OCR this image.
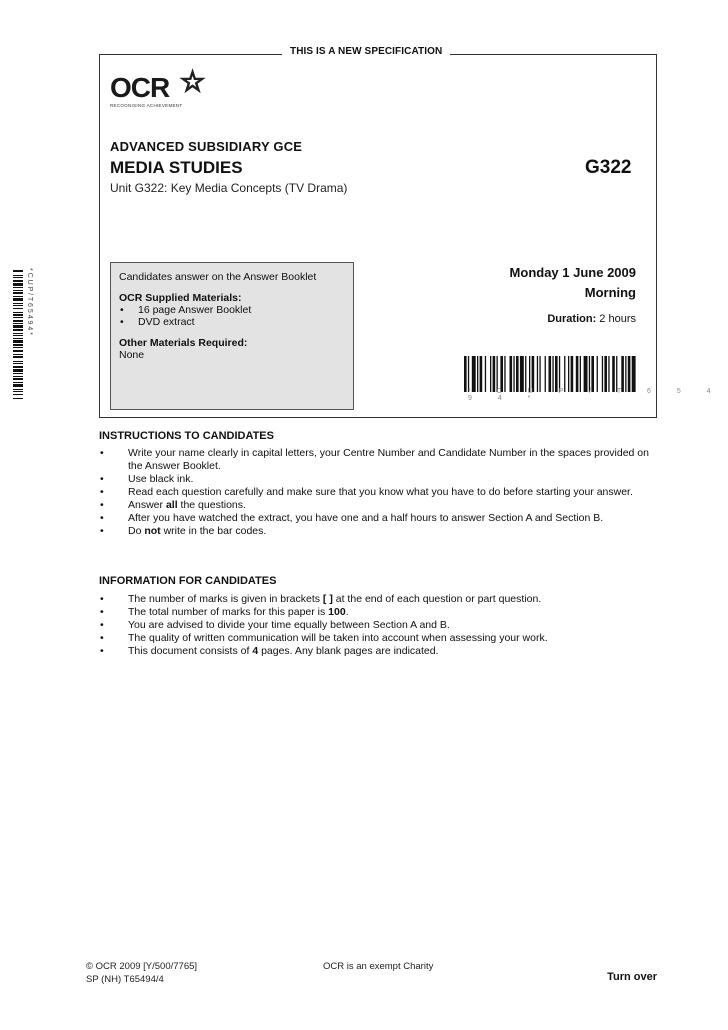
THIS IS A NEW SPECIFICATION
OCR ☆
RECOGNISING ACHIEVEMENT
ADVANCED SUBSIDIARY GCE
MEDIA STUDIES	G322
Unit G322: Key Media Concepts (TV Drama)
Candidates answer on the Answer Booklet
OCR Supplied Materials:
• 16 page Answer Booklet
• DVD extract
Other Materials Required:
None
Monday 1 June 2009
Morning
Duration: 2 hours
* C U P / T 6 5 4 9 4 *
* C U P / T 6 5 4 9 4 *
INSTRUCTIONS TO CANDIDATES
• Write your name clearly in capital letters, your Centre Number and Candidate Number in the spaces provided on the Answer Booklet.
• Use black ink.
• Read each question carefully and make sure that you know what you have to do before starting your answer.
• Answer all the questions.
• After you have watched the extract, you have one and a half hours to answer Section A and Section B.
• Do not write in the bar codes.
INFORMATION FOR CANDIDATES
• The number of marks is given in brackets [ ] at the end of each question or part question.
• The total number of marks for this paper is 100.
• You are advised to divide your time equally between Section A and B.
• The quality of written communication will be taken into account when assessing your work.
• This document consists of 4 pages. Any blank pages are indicated.
© OCR 2009 [Y/500/7765]
SP (NH) T65494/4
OCR is an exempt Charity
Turn over
